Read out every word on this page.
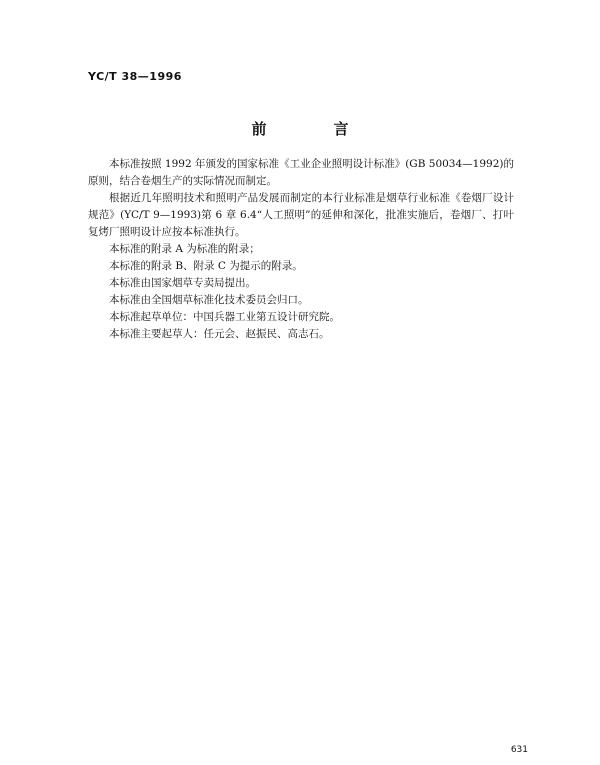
YC/T 38—1996
前　言

本标准按照 1992 年颁发的国家标准《工业企业照明设计标准》(GB 50034—1992)的原则，结合卷烟生产的实际情况而制定。

根据近几年照明技术和照明产品发展而制定的本行业标准是烟草行业标准《卷烟厂设计规范》(YC/T 9—1993)第 6 章 6.4“人工照明”的延伸和深化，批准实施后，卷烟厂、打叶复烤厂照明设计应按本标准执行。

本标准的附录 A 为标准的附录；

本标准的附录 B、附录 C 为提示的附录。

本标准由国家烟草专卖局提出。

本标准由全国烟草标准化技术委员会归口。

本标准起草单位：中国兵器工业第五设计研究院。

本标准主要起草人：任元会、赵振民、高志石。

631
